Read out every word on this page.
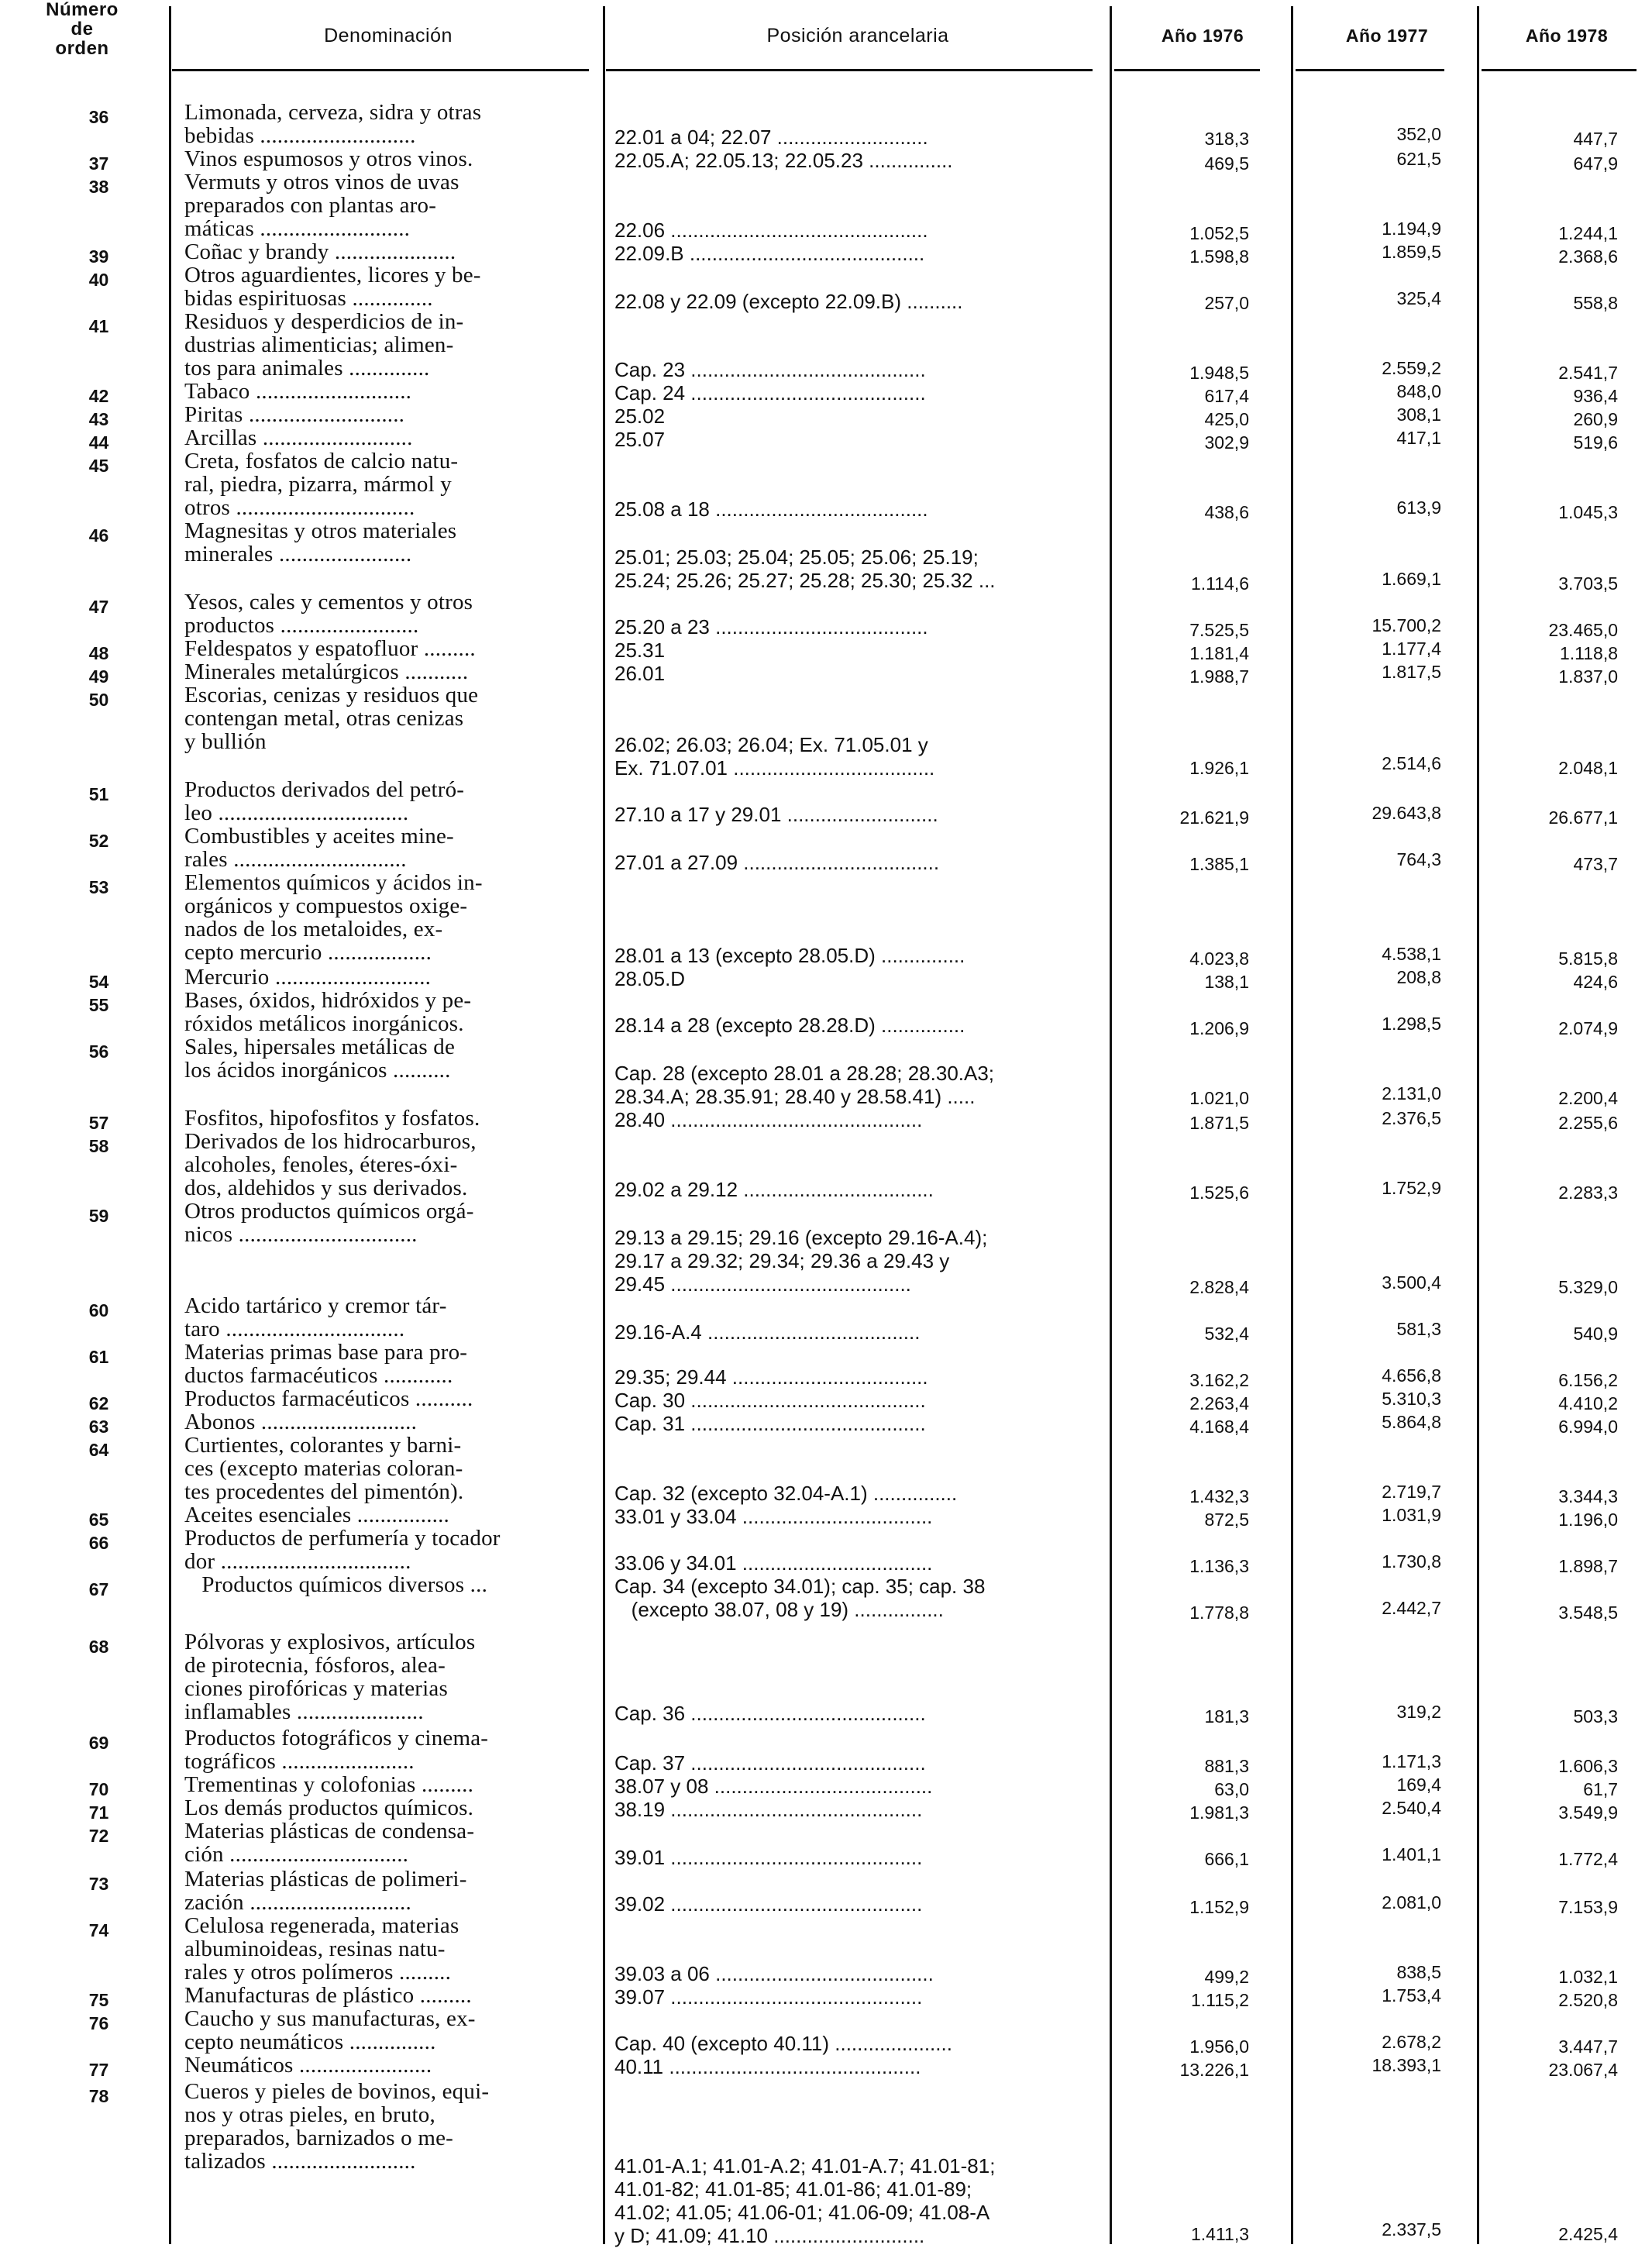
Número
de
orden
Denominación	Posición arancelaria	Año 1976	Año 1977	Año 1978
36	Limonada, cerveza, sidra y otras
bebidas ...........................	22.01 a 04; 22.07 ...........................	318,3	352,0	447,7
37	Vinos espumosos y otros vinos.	22.05.A; 22.05.13; 22.05.23 ...............	469,5	621,5	647,9
38	Vermuts y otros vinos de uvas
preparados con plantas aro-
máticas ..........................	22.06 ..............................................	1.052,5	1.194,9	1.244,1
39	Coñac y brandy .....................	22.09.B ..........................................	1.598,8	1.859,5	2.368,6
40	Otros aguardientes, licores y be-
bidas espirituosas ..............	22.08 y 22.09 (excepto 22.09.B) ..........	257,0	325,4	558,8
41	Residuos y desperdicios de in-
dustrias alimenticias; alimen-
tos para animales ..............	Cap. 23 ..........................................	1.948,5	2.559,2	2.541,7
42	Tabaco ...........................	Cap. 24 ..........................................	617,4	848,0	936,4
43	Piritas ...........................	25.02	425,0	308,1	260,9
44	Arcillas ..........................	25.07	302,9	417,1	519,6
45	Creta, fosfatos de calcio natu-
ral, piedra, pizarra, mármol y
otros ...............................	25.08 a 18 ......................................	438,6	613,9	1.045,3
46	Magnesitas y otros materiales
minerales .......................	25.01; 25.03; 25.04; 25.05; 25.06; 25.19;
25.24; 25.26; 25.27; 25.28; 25.30; 25.32 ...	1.114,6	1.669,1	3.703,5
47	Yesos, cales y cementos y otros
productos ........................	25.20 a 23 ......................................	7.525,5	15.700,2	23.465,0
48	Feldespatos y espatofluor .........	25.31	1.181,4	1.177,4	1.118,8
49	Minerales metalúrgicos ...........	26.01	1.988,7	1.817,5	1.837,0
50	Escorias, cenizas y residuos que
contengan metal, otras cenizas
y bullión	26.02; 26.03; 26.04; Ex. 71.05.01 y
Ex. 71.07.01 ....................................	1.926,1	2.514,6	2.048,1
51	Productos derivados del petró-
leo .................................	27.10 a 17 y 29.01 ...........................	21.621,9	29.643,8	26.677,1
52	Combustibles y aceites mine-
rales ..............................	27.01 a 27.09 ...................................	1.385,1	764,3	473,7
53	Elementos químicos y ácidos in-
orgánicos y compuestos oxige-
nados de los metaloides, ex-
cepto mercurio ..................	28.01 a 13 (excepto 28.05.D) ...............	4.023,8	4.538,1	5.815,8
54	Mercurio ...........................	28.05.D	138,1	208,8	424,6
55	Bases, óxidos, hidróxidos y pe-
róxidos metálicos inorgánicos.	28.14 a 28 (excepto 28.28.D) ...............	1.206,9	1.298,5	2.074,9
56	Sales, hipersales metálicas de
los ácidos inorgánicos ..........	Cap. 28 (excepto 28.01 a 28.28; 28.30.A3;
28.34.A; 28.35.91; 28.40 y 28.58.41) .....	1.021,0	2.131,0	2.200,4
57	Fosfitos, hipofosfitos y fosfatos.	28.40 .............................................	1.871,5	2.376,5	2.255,6
58	Derivados de los hidrocarburos,
alcoholes, fenoles, éteres-óxi-
dos, aldehidos y sus derivados.	29.02 a 29.12 ..................................	1.525,6	1.752,9	2.283,3
59	Otros productos químicos orgá-
nicos ...............................	29.13 a 29.15; 29.16 (excepto 29.16-A.4);
29.17 a 29.32; 29.34; 29.36 a 29.43 y
29.45 ...........................................	2.828,4	3.500,4	5.329,0
60	Acido tartárico y cremor tár-
taro ...............................	29.16-A.4 ......................................	532,4	581,3	540,9
61	Materias primas base para pro-
ductos farmacéuticos ............	29.35; 29.44 ...................................	3.162,2	4.656,8	6.156,2
62	Productos farmacéuticos ..........	Cap. 30 ..........................................	2.263,4	5.310,3	4.410,2
63	Abonos ...........................	Cap. 31 ..........................................	4.168,4	5.864,8	6.994,0
64	Curtientes, colorantes y barni-
ces (excepto materias coloran-
tes procedentes del pimentón).	Cap. 32 (excepto 32.04-A.1) ...............	1.432,3	2.719,7	3.344,3
65	Aceites esenciales ................	33.01 y 33.04 ..................................	872,5	1.031,9	1.196,0
66	Productos de perfumería y tocador
dor .................................	33.06 y 34.01 ..................................	1.136,3	1.730,8	1.898,7
67	Productos químicos diversos ...	Cap. 34 (excepto 34.01); cap. 35; cap. 38
(excepto 38.07, 08 y 19) ................	1.778,8	2.442,7	3.548,5
68	Pólvoras y explosivos, artículos
de pirotecnia, fósforos, alea-
ciones pirofóricas y materias
inflamables ......................	Cap. 36 ..........................................	181,3	319,2	503,3
69	Productos fotográficos y cinema-
tográficos .......................	Cap. 37 ..........................................	881,3	1.171,3	1.606,3
70	Trementinas y colofonias .........	38.07 y 08 .......................................	63,0	169,4	61,7
71	Los demás productos químicos.	38.19 .............................................	1.981,3	2.540,4	3.549,9
72	Materias plásticas de condensa-
ción ...............................	39.01 .............................................	666,1	1.401,1	1.772,4
73	Materias plásticas de polimeri-
zación ............................	39.02 .............................................	1.152,9	2.081,0	7.153,9
74	Celulosa regenerada, materias
albuminoideas, resinas natu-
rales y otros polímeros .........	39.03 a 06 .......................................	499,2	838,5	1.032,1
75	Manufacturas de plástico .........	39.07 .............................................	1.115,2	1.753,4	2.520,8
76	Caucho y sus manufacturas, ex-
cepto neumáticos ...............	Cap. 40 (excepto 40.11) .....................	1.956,0	2.678,2	3.447,7
77	Neumáticos .......................	40.11 .............................................	13.226,1	18.393,1	23.067,4
78	Cueros y pieles de bovinos, equi-
nos y otras pieles, en bruto,
preparados, barnizados o me-
talizados .........................	41.01-A.1; 41.01-A.2; 41.01-A.7; 41.01-81;
41.01-82; 41.01-85; 41.01-86; 41.01-89;
41.02; 41.05; 41.06-01; 41.06-09; 41.08-A
y D; 41.09; 41.10 ...........................	1.411,3	2.337,5	2.425,4
